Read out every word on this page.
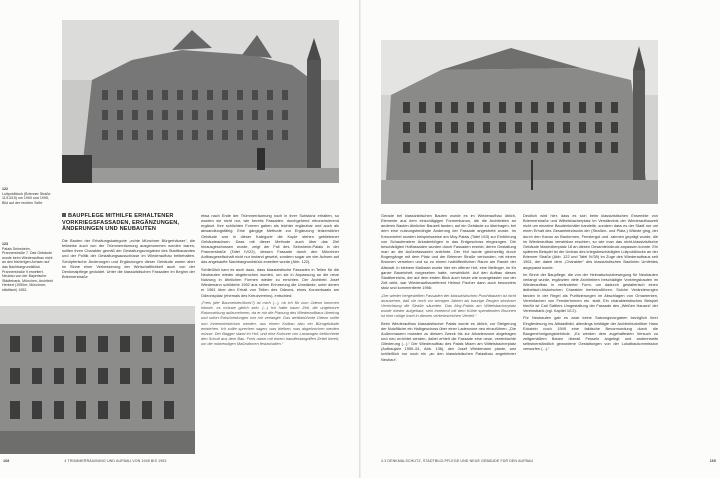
122
Luitpoldblock (Brienner Straße 11/13/15) um 1900 und 1995, Bild auf der rechten Seite
123
Palais Seinsheim, Prannerstraße 7. Das Gebäude wurde beim Wiederaufbau nicht an den bisherigen Achsen auf das Nachbargrundstück Prannerstraße 9 erweitert. Neubau von der Bayerische Städtebank, München, Architekt Herbert (1950er; Münchner, städtisch) 1952.
BAUPFLEGE MITHILFE ERHALTENER VORKRIEGSFASSADEN, ERGÄNZUNGEN, ÄNDERUNGEN UND NEUBAUTEN

Die Bauten der Erhaltungskategorie „echte Münchner Bürgerhäuser“, die teilweise auch von der Trümmerräumung ausgenommen worden waren, sollten ihren Charakter gemäß der Gestaltungsvorgaben des Stadtbauamtes und der Politik der Gestaltungsausschüsse im Wiederaufbau beibehalten. Schöpferische Änderungen und Ergänzungen dieser Gebäude waren aber im Sinne einer Verbesserung der Wirtschaftlichkeit auch von der Denkmalpflege geduldet. Unter die klassizistischen Fassaden im Beginn der Briennerstraße

etwa nach Ende der Trümmerräumung noch in ihrer Substanz erhalten, so wurden sie nicht nur, wie bereits Fassaden, durchgehend rekonstruierend ergänzt. Ihre schlichten Formen gaben als leichter ergänzbar und auch als abwandlungsfähig. Eine gängige Methode zur Ergänzung teilzerstörter Gebäude war in dieser Kategorie die Kopie stehen gebliebener Gebäudeachsen. Dass mit dieser Methode auch über das Ziel hinausgeschossen wurde, zeigt der Fall des Seinsheim-Palais in der Prannerstraße (Tafel IV/22), dessen Fassade durch den Münchner Aufbaugesellschaft nicht nur instand gesetzt, sondern sogar um vier Achsen auf das angekaufte Nachbargrundstück erweitert wurde (Abb. 122).

Schließlich kam es auch dazu, dass klassizistische Fassaden in Teilen für die Neubauten wieder abgebrochen wurden, um sie in Anpassung an die neue Nutzung in ähnlichen Formen wieder zu errichten. Der Architekt Josef Wiedemann schilderte 1992 aus seiner Erinnerung die Umstände, unter denen er 1961 über den Erhalt von Teilen des Odeons, eines Konzertsaals am Odeonsplatz (ehemals des Kreuzvereins), entschied:

„Freis (der Baumeister/Amts?) ist mich (...), ob ich für zum Odeon kommen könnte, es müsste gleich sein. (...) Ich hatte kaum Zeit, die ungeheure Raumwirkung aufzunehmen, da er mir die Planung des Wiederaufbaus übertrug und sofort Entscheidungen von mir verlangte. Das weltberühmte Odeon sollte nun Innenministerium werden, aus einem Kulttau also ein Bürogebäude entstehen. Ich sollte sprechen sagen, was bleiben, was abgebrochen werden müsse. Der Bagger stand im Hof, und eine Kolonne von Lastwagen befürchtete den Schutt aus dem Bau. Freis nannt mit einem handfestangriffen Zettel bereit, um die notwendigen Maßnahmen festzuhalten.“

168	4 TRÜMMERRÄUMUNG UND AUFBAU VON 1945 BIS 1953

Gerade bei klassizistischen Bauten wurde es im Wiederaufbau üblich, Elemente aus dem einschlägigen Formenkanon, die die Architekten an anderen Bauten ähnlicher Bauzeit fanden, auf ein Gebäude zu übertragen, bei dem eine nutzungsbedingte Änderung der Fassade angestrebt wurde. Im Kreuzviertel wurden beispielsweise am Moy-Palais (Tafel I/43) zur Einführung von Schaufenstern Arkadenbögen in das Erdgeschoss eingezogen. Die beschädigten Hoffassaden wurden durch Fassaden ersetzt, deren Gestaltung man an die Außenfassaden anlehnte. Der Hof wurde gleichzeitig durch Bogengänge mit dem Platz und der Brienner Straße verbunden, mit einem Brunnen versehen und so zu einem halböffentlichen Raum am Rande der Altstadt. In kleinem Maßstab wurde hier ein offener Hof, eine Meilinger, im für ganze Baueinheit vorgesehen hatte, verwirklicht. Auf den Aufbau dieses Stadtbereichs, der auf dem ersten Blick auch heute wie unangetastet von der Zeit wirkt, war Wiederaufbaureferent Helmut Fischer dann auch besonders stolz und kommentierte 1956:

„Der wieder hergestellten Fassaden der klassizistischen Prachtbauten ist nicht anzusehen, daß sie noch vor wenigen Jahren als traurige Zeugen sinnloser Vernichtung die Straße säumten. Das Moy-Palais am Wittelsbacherplatz wurde wieder aufgebaut, sein Innenhof mit dem Kühle spendenden Brunnen ist eine ruhige Insel in diesem verkehrsreichen Vierteil.“

Beim Wiederaufbau klassizistischer Palais wurde es üblich, zur Steigerung der Nutzfläche ein Halbgeschoss über einer Ladenzone neu einzuführen. „Die Außenmauern mussten zu diesem Zweck bis zur Arkadenzone abgetragen und neu errichtet werden, dabei erhielt die Fassade eine neue, vereinfachte Gliederung (...).“ Der Wiederaufbau des Palais Miaen am Wittelsbacherplatz (Aufbaujahr 1950–51, Abb. 136), den Josef Wiedemann plante, war schließlich nur noch ein „an den klassizistischen Palastbau angelehnter Neubau“.

Deutlich wird hier, dass es sich beim klassizistischen Ensemble von Briennerstraße und Wittelsbacherplatz im Verständnis der Wiederaufbauzeit nicht um einzelne Baudenkmäler handelte, sondern dass es der Stadt nur um einen Erhalt des Gesamteindrucks der (Straßen- und Platz-) Wände ging, der durch den Kanon an Bauformen, Fenstergut und -rahmen geprägt wurde, die im Wiederaufbau verwirkbar erschien, so wie man das nicht-klassizistische Gebäude Maximilienplatz 18 an diesen Gesamteindruck anpassen konnte. Ein späteres Beispiel ist der Umbau des kriegsbeschädigten Luitpoldblocks an der Brienner Straße (Abb. 122 und Tafel IV/39) im Zuge des Wiederaufbaus seit 1961, der dabei dem „Charakter“ des klassizistischen Baulinien Umfeldes angepasst wurde.

Im Sinne der Baupflege, die von der Heimatschutzbewegung für Neubauten verlangt wurde, ergänzten viele Architekten beschädigte Vorkriegsbauten im Wiederaufbau in veränderter Form, um dadurch gestalterisch einen ästhetisch-historischen Charakter herbeizuführen. Solche Veränderungen fanden in der Regel als Purifizierungen im Abschlagen von Ornamenten, Vereinfachen von Fensterformen etc. statt. Ein charakteristisches Beispiel hierfür ist Carl Sattlers Umgestaltung der Fassade des „Weißen Hauses“ der Vereinsbank (vgl. Kapitel 10.2).

Für Neubauten gab es zwar keine Satzungsvorgaben bezüglich ihrer Eingliederung ins Altstadtbild, allerdings betätigte der Architekturkritiker Hans Eckstein noch 1949 eine faktische Bevormundung durch die Baugenehmigungsbehörde. „Es werden dem zugehaftesten Versuch zu zeitgemäßem Bauen überall Fesseln angelegt und andererseits selbstverständlich gewordene Gestaltungen von der Lokalbaukommission verworfen (...).“

4.3 DENKMALSCHUTZ, STADTBILD-PFLEGE UND NEUE GEBÄUDE FÜR DEN AUFBAU	169
